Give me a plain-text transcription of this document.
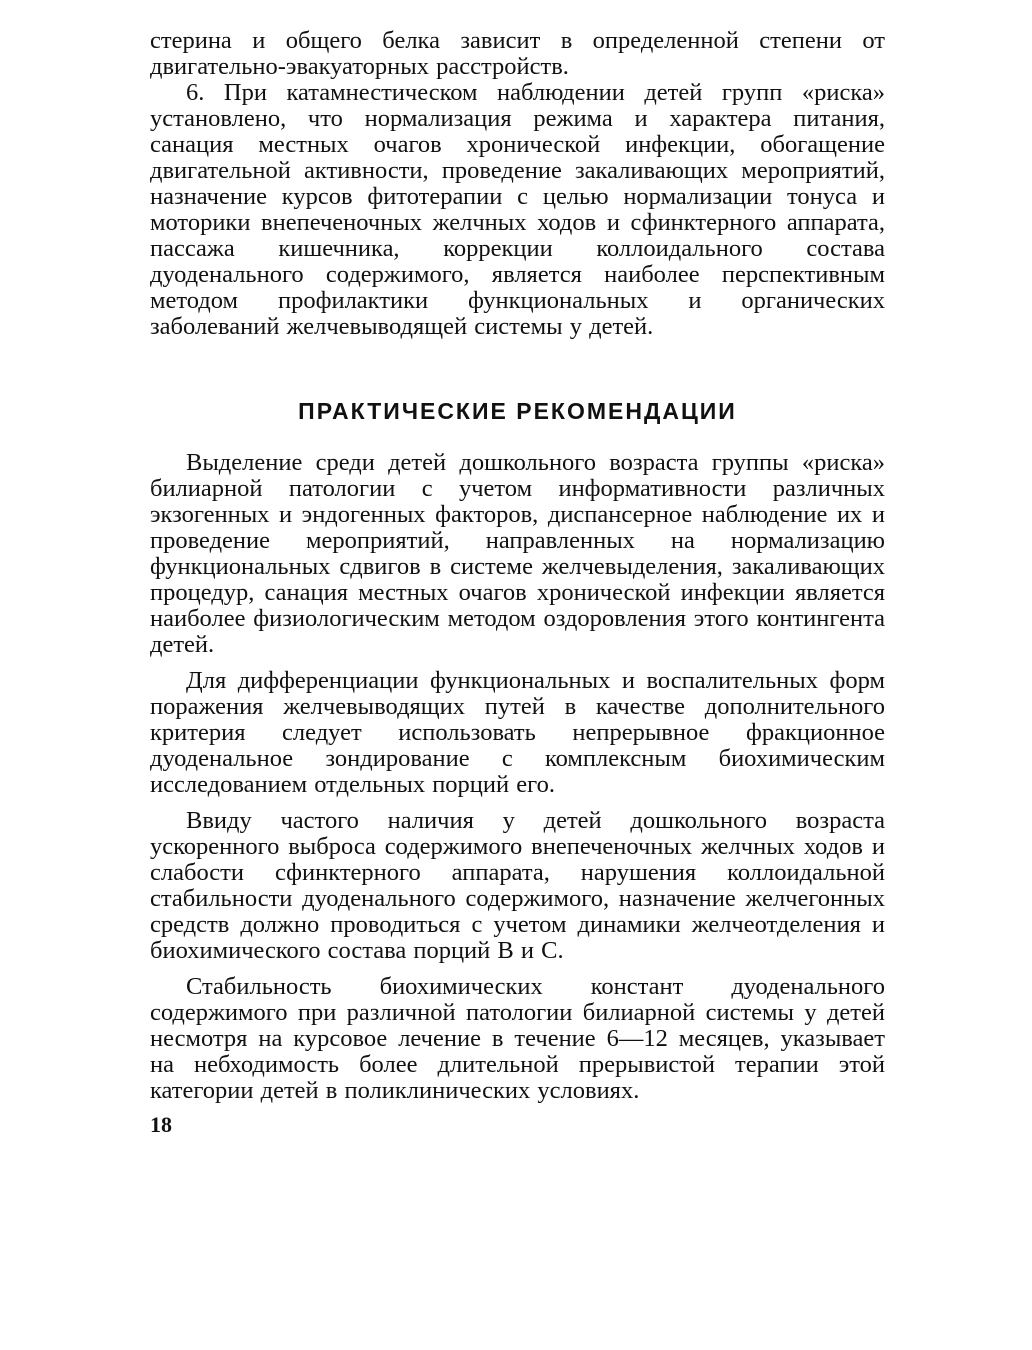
стерина и общего белка зависит в определенной степени от двигательно-эвакуаторных расстройств.

6. При катамнестическом наблюдении детей групп «риска» установлено, что нормализация режима и характера питания, санация местных очагов хронической инфекции, обогащение двигательной активности, проведение закаливающих мероприятий, назначение курсов фитотерапии с целью нормализации тонуса и моторики внепеченочных желчных ходов и сфинктерного аппарата, пассажа кишечника, коррекции коллоидального состава дуоденального содержимого, является наиболее перспективным методом профилактики функциональных и органических заболеваний желчевыводящей системы у детей.

ПРАКТИЧЕСКИЕ РЕКОМЕНДАЦИИ

Выделение среди детей дошкольного возраста группы «риска» билиарной патологии с учетом информативности различных экзогенных и эндогенных факторов, диспансерное наблюдение их и проведение мероприятий, направленных на нормализацию функциональных сдвигов в системе желчевыделения, закаливающих процедур, санация местных очагов хронической инфекции является наиболее физиологическим методом оздоровления этого контингента детей.

Для дифференциации функциональных и воспалительных форм поражения желчевыводящих путей в качестве дополнительного критерия следует использовать непрерывное фракционное дуоденальное зондирование с комплексным биохимическим исследованием отдельных порций его.

Ввиду частого наличия у детей дошкольного возраста ускоренного выброса содержимого внепеченочных желчных ходов и слабости сфинктерного аппарата, нарушения коллоидальной стабильности дуоденального содержимого, назначение желчегонных средств должно проводиться с учетом динамики желчеотделения и биохимического состава порций В и С.

Стабильность биохимических констант дуоденального содержимого при различной патологии билиарной системы у детей несмотря на курсовое лечение в течение 6—12 месяцев, указывает на небходимость более длительной прерывистой терапии этой категории детей в поликлинических условиях.

18
